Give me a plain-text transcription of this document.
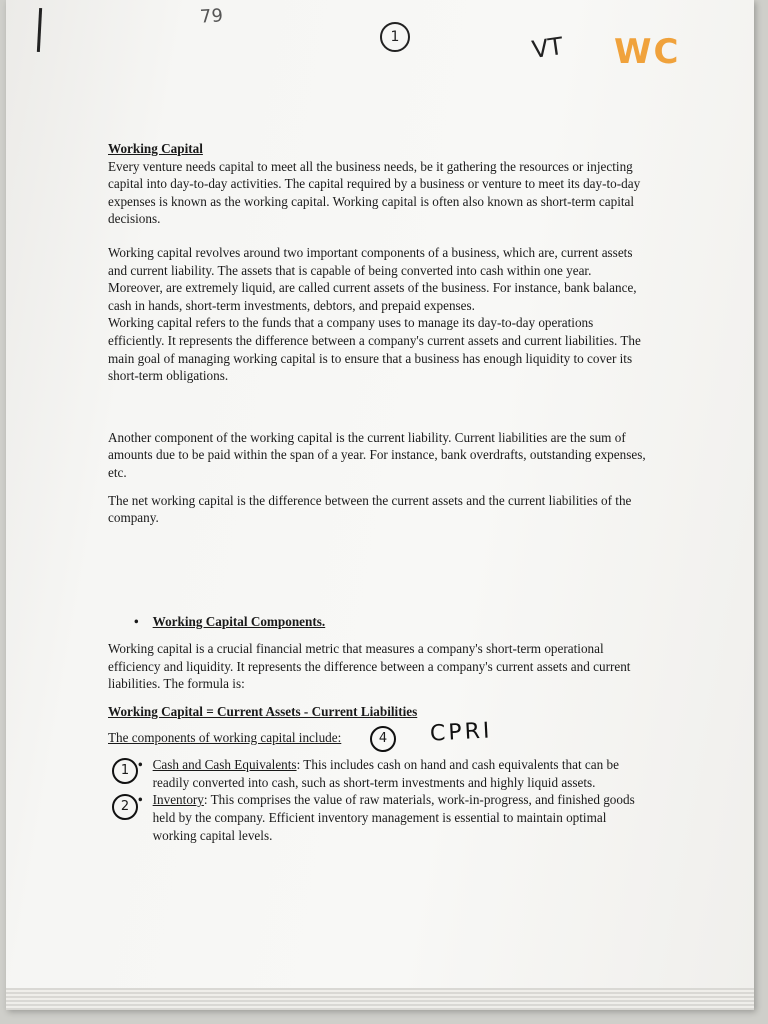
79
1	VT WC

Working Capital

Every venture needs capital to meet all the business needs, be it gathering the resources or injecting capital into day-to-day activities. The capital required by a business or venture to meet its day-to-day expenses is known as the working capital. Working capital is often also known as short-term capital decisions.

Working capital revolves around two important components of a business, which are, current assets and current liability. The assets that is capable of being converted into cash within one year. Moreover, are extremely liquid, are called current assets of the business. For instance, bank balance, cash in hands, short-term investments, debtors, and prepaid expenses.

Working capital refers to the funds that a company uses to manage its day-to-day operations efficiently. It represents the difference between a company's current assets and current liabilities. The main goal of managing working capital is to ensure that a business has enough liquidity to cover its short-term obligations.

Another component of the working capital is the current liability. Current liabilities are the sum of amounts due to be paid within the span of a year. For instance, bank overdrafts, outstanding expenses, etc.

The net working capital is the difference between the current assets and the current liabilities of the company.

• Working Capital Components.

Working capital is a crucial financial metric that measures a company's short-term operational efficiency and liquidity. It represents the difference between a company's current assets and current liabilities. The formula is:

Working Capital = Current Assets - Current Liabilities

The components of working capital include:

• Cash and Cash Equivalents: This includes cash on hand and cash equivalents that can be readily converted into cash, such as short-term investments and highly liquid assets.
• Inventory: This comprises the value of raw materials, work-in-progress, and finished goods held by the company. Efficient inventory management is essential to maintain optimal working capital levels.
CPRI
4
1
2
